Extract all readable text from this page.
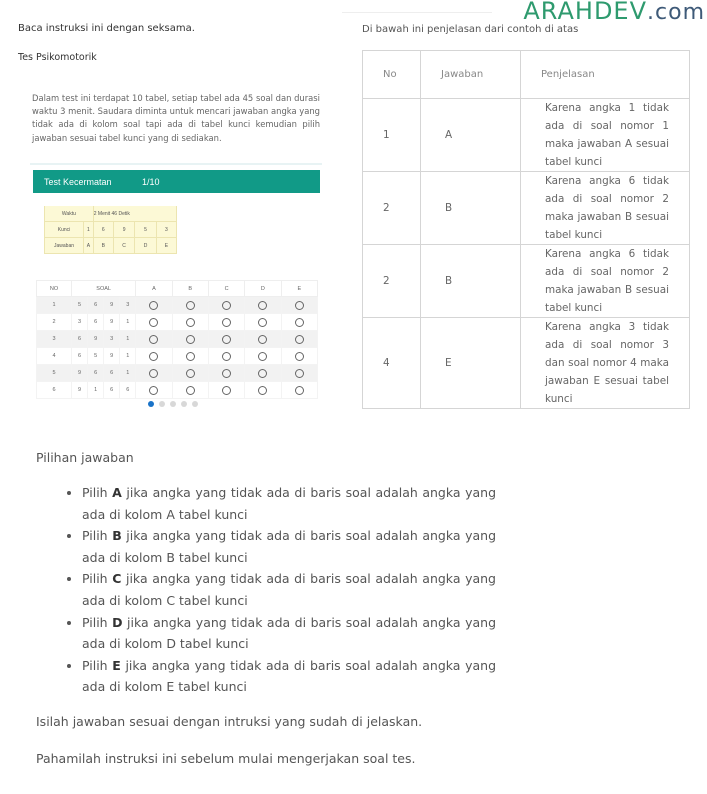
Baca instruksi ini dengan seksama.
Tes Psikomotorik
Dalam test ini terdapat 10 tabel, setiap tabel ada 45 soal dan durasi waktu 3 menit. Saudara diminta untuk mencari jawaban angka yang tidak ada di kolom soal tapi ada di tabel kunci kemudian pilih jawaban sesuai tabel kunci yang di sediakan.
Test Kecermatan	1/10
Waktu		2 Menit 46 Detik			
Kunci	1	6	9	5	3
Jawaban	A	B	C	D	E
NO	SOAL				A	B	C	D	E
1	5	6	9	3					
2	3	6	9	1					
3	6	9	3	1					
4	6	5	9	1					
5	9	6	6	1					
6	9	1	6	6					
ARAHDEV.com
Di bawah ini penjelasan dari contoh di atas
No	Jawaban	Penjelasan
1	A	Karena angka 1 tidak ada di soal nomor 1 maka jawaban A sesuai tabel kunci
2	B	Karena angka 6 tidak ada di soal nomor 2 maka jawaban B sesuai tabel kunci
2	B	Karena angka 6 tidak ada di soal nomor 2 maka jawaban B sesuai tabel kunci
4	E	Karena angka 3 tidak ada di soal nomor 3 dan soal nomor 4 maka jawaban E sesuai tabel kunci
Pilihan jawaban
• Pilih A jika angka yang tidak ada di baris soal adalah angka yang ada di kolom A tabel kunci
• Pilih B jika angka yang tidak ada di baris soal adalah angka yang ada di kolom B tabel kunci
• Pilih C jika angka yang tidak ada di baris soal adalah angka yang ada di kolom C tabel kunci
• Pilih D jika angka yang tidak ada di baris soal adalah angka yang ada di kolom D tabel kunci
• Pilih E jika angka yang tidak ada di baris soal adalah angka yang ada di kolom E tabel kunci
Isilah jawaban sesuai dengan intruksi yang sudah di jelaskan.
Pahamilah instruksi ini sebelum mulai mengerjakan soal tes.
